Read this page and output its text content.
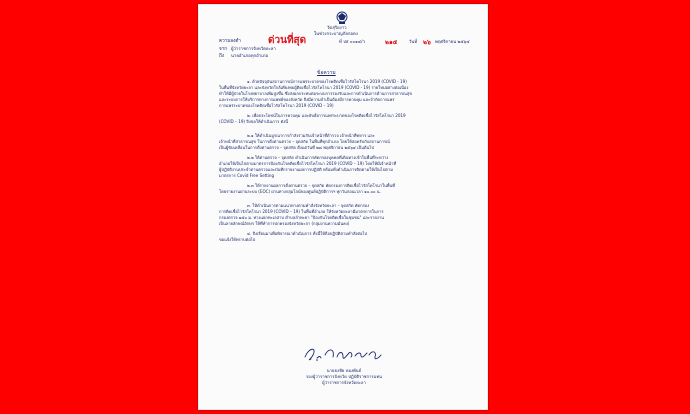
วัดสุริยงาว
ในช่วงกระบาญภัยกอดง
ความลงตำ	ด่วนที่สุด	ที่ ปส ๐๐๑๔/ว	๒๑๕	วันที่ ๒๖ พฤศจิกายน ๒๕๖๔
จาก ผู้ว่าราชการจังหวัดยะลา
ถึง นายอำเภอทุกอำเภอ
ข้อความ
๑. ด้วยปัจจุบันสถานการณ์การแพร่ระบาดของโรคติดเชื้อไวรัสโคโรนา 2019 (COVID - 19)
ในพื้นที่จังหวัดยะลา และจังหวัดใกล้เคียงพบผู้ติดเชื้อไวรัสโคโรนา 2019 (COVID - 19) รายใหม่อย่างต่อเนื่อง
ทำให้มีผู้ป่วยในโรงพยาบาลเพิ่มสูงขึ้น ซึ่งส่งผลกระทบต่อระบบการรองรับและการดำเนินการด้านการสาธารณสุข
และระบบการให้บริการทางการแพทย์ของจังหวัด จึงมีความจำเป็นต้องมีการควบคุม และจำกัดการแพร่
การแพร่ระบาดของโรคติดเชื้อไวรัสโคโรนา 2019 (COVID – 19)
๒. เพื่อประโยชน์ในการควบคุม และยับยั้งการแพร่ระบาดของโรคติดเชื้อไวรัสโคโรนา 2019
(COVID – 19) จึงขอให้ดำเนินการ ดังนี้
๒.๑ ให้ดำเนินบูรณาการกำลังร่วมกับเจ้าหน้าที่ตำรวจ เจ้าหน้าที่ทหาร และ
เจ้าหน้าที่สาธารณสุข ในการตั้งด่านตรวจ – จุดสกัด ในพื้นที่ทุกอำเภอ โดยให้สอดรับกับสถานการณ์
เป็นผู้ขับเคลื่อนในการตั้งด่านตรวจ – จุดสกัด ตั้งแต่วันที่ ๒๘ พฤศจิกายน ๒๕๖๔ เป็นต้นไป
๒.๒ ให้ด่านตรวจ – จุดสกัด ดำเนินการคัดกรองบุคคลที่เดินทางเข้าในพื้นที่ระหว่าง
อำเภอให้เป็นไปตามมาตรการป้องกันโรคติดเชื้อไวรัสโคโรนา 2019 (COVID – 19) โดยให้มีเจ้าหน้าที่
ผู้ปฏิบัติงานประจำด่านตรวจและบันทึกรายงานผลการปฏิบัติ พร้อมทั้งดำเนินการติดตามให้เป็นไปตาม
มาตรการ Covid Free Setting
๒.๓ ให้รายงานผลการตั้งด่านตรวจ – จุดสกัด คัดกรองการติดเชื้อไวรัสโคโรนาในพื้นที่
โดยรายงานผ่านระบบ (EOC) ผ่านทางกลุ่มไลน์ของศูนย์ปฏิบัติการฯ ทุกวันก่อนเวลา ๑๐.๐๐ น.
๓. ให้ดำเนินการตามแนวทางตามคำสั่งจังหวัดยะลา – จุดสกัด คัดกรอง
การติดเชื้อไวรัสโคโรนา 2019 (COVID – 19) ในพื้นที่อำเภอ ให้จังหวัดยะลามีมาตรการในการ
กรองตรวจ ๑๕๐ ม. ทางแยกทะเลสาบ ตำบลลำพะยา "ป้องกันโรคติดเชื้อในชุมชน" และรายงาน
เป็นลายลักษณ์อักษร ให้ที่ทำการปกครองจังหวัดยะลา (กลุ่มงานความมั่นคง)
๔. จึงเรียนมาเพื่อพิจารณาดำเนินการ ทั้งนี้ให้ถือปฏิบัติตามคำสั่งต่อไป
ขอแจ้งให้ทราบต่อไป
นายธงชัย ทองพันธ์
รองผู้ว่าราชการจังหวัด ปฏิบัติราชการแทน
ผู้ว่าราชการจังหวัดยะลา
